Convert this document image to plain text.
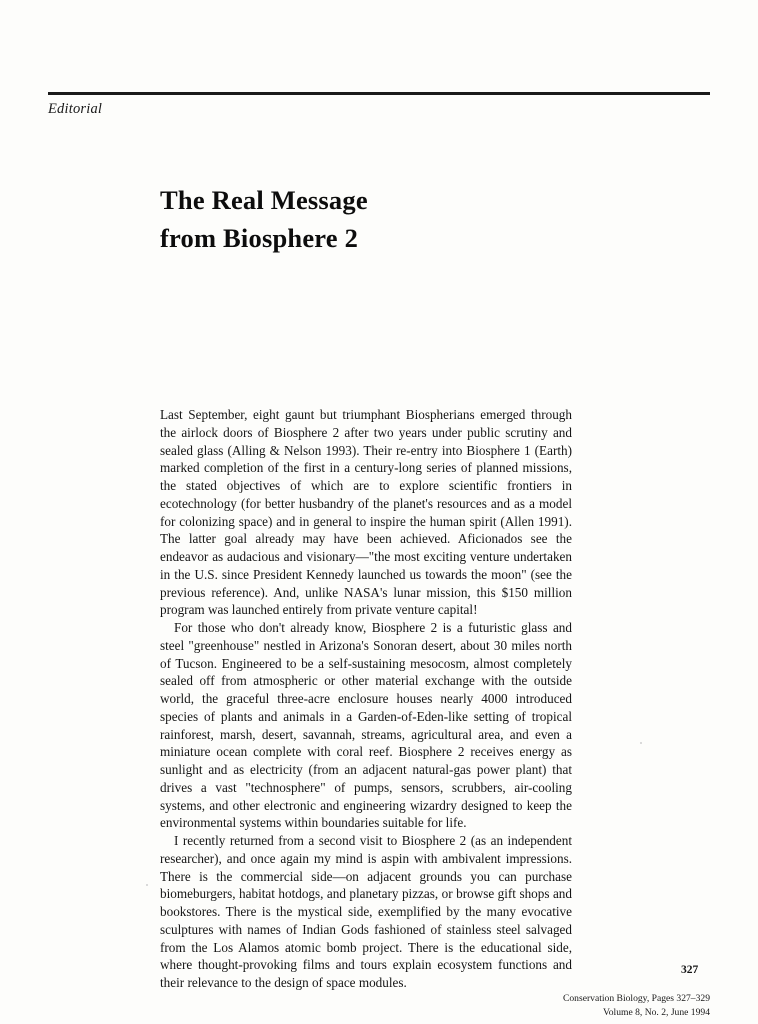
Editorial
The Real Message
from Biosphere 2

Last September, eight gaunt but triumphant Biospherians emerged through the airlock doors of Biosphere 2 after two years under public scrutiny and sealed glass (Alling & Nelson 1993). Their re-entry into Biosphere 1 (Earth) marked completion of the first in a century-long series of planned missions, the stated objectives of which are to explore scientific frontiers in ecotechnology (for better husbandry of the planet's resources and as a model for colonizing space) and in general to inspire the human spirit (Allen 1991). The latter goal already may have been achieved. Aficionados see the endeavor as audacious and visionary—"the most exciting venture undertaken in the U.S. since President Kennedy launched us towards the moon" (see the previous reference). And, unlike NASA's lunar mission, this $150 million program was launched entirely from private venture capital!

For those who don't already know, Biosphere 2 is a futuristic glass and steel "greenhouse" nestled in Arizona's Sonoran desert, about 30 miles north of Tucson. Engineered to be a self-sustaining mesocosm, almost completely sealed off from atmospheric or other material exchange with the outside world, the graceful three-acre enclosure houses nearly 4000 introduced species of plants and animals in a Garden-of-Eden-like setting of tropical rainforest, marsh, desert, savannah, streams, agricultural area, and even a miniature ocean complete with coral reef. Biosphere 2 receives energy as sunlight and as electricity (from an adjacent natural-gas power plant) that drives a vast "technosphere" of pumps, sensors, scrubbers, air-cooling systems, and other electronic and engineering wizardry designed to keep the environmental systems within boundaries suitable for life.

I recently returned from a second visit to Biosphere 2 (as an independent researcher), and once again my mind is aspin with ambivalent impressions. There is the commercial side—on adjacent grounds you can purchase biomeburgers, habitat hotdogs, and planetary pizzas, or browse gift shops and bookstores. There is the mystical side, exemplified by the many evocative sculptures with names of Indian Gods fashioned of stainless steel salvaged from the Los Alamos atomic bomb project. There is the educational side, where thought-provoking films and tours explain ecosystem functions and their relevance to the design of space modules.

327
Conservation Biology, Pages 327–329
Volume 8, No. 2, June 1994
